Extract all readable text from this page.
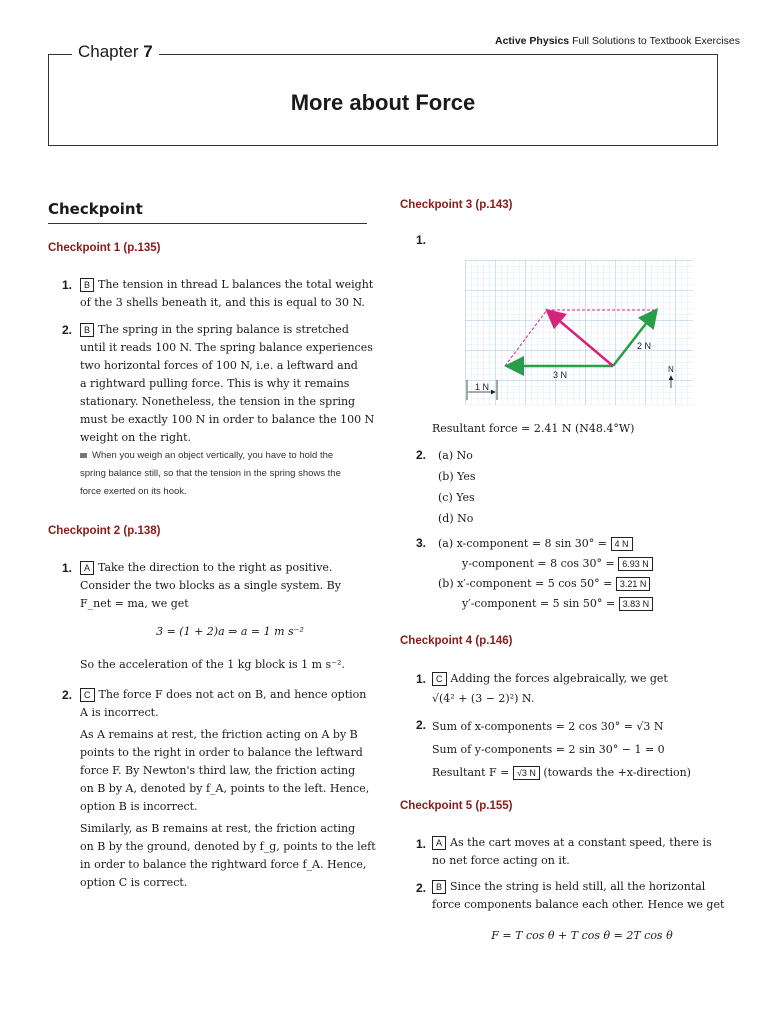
Active Physics Full Solutions to Textbook Exercises
Chapter 7
More about Force
Checkpoint
Checkpoint 1 (p.135)
1.	B The tension in thread L balances the total weight
of the 3 shells beneath it, and this is equal to 30 N.
2.	B The spring in the spring balance is stretched
until it reads 100 N. The spring balance experiences
two horizontal forces of 100 N, i.e. a leftward and
a rightward pulling force. This is why it remains
stationary. Nonetheless, the tension in the spring
must be exactly 100 N in order to balance the 100 N
weight on the right.
When you weigh an object vertically, you have to hold the
spring balance still, so that the tension in the spring shows the
force exerted on its hook.
Checkpoint 2 (p.138)
1.	A Take the direction to the right as positive.
Consider the two blocks as a single system. By
F_net = ma, we get
3 = (1 + 2)a ⇒ a = 1 m s⁻²
So the acceleration of the 1 kg block is 1 m s⁻².
2.	C The force F does not act on B, and hence option
A is incorrect.
As A remains at rest, the friction acting on A by B
points to the right in order to balance the leftward
force F. By Newton's third law, the friction acting
on B by A, denoted by f_A, points to the left. Hence,
option B is incorrect.
Similarly, as B remains at rest, the friction acting
on B by the ground, denoted by f_g, points to the left
in order to balance the rightward force f_A. Hence,
option C is correct.
Checkpoint 3 (p.143)
1.
2 N
3 N
1 N
N
Resultant force = 2.41 N (N48.4°W)
2. (a) No
(b) Yes
(c) Yes
(d) No
3. (a) x-component = 8 sin 30° = 4 N
y-component = 8 cos 30° = 6.93 N
(b) x′-component = 5 cos 50° = 3.21 N
y′-component = 5 sin 50° = 3.83 N
Checkpoint 4 (p.146)
1.	C Adding the forces algebraically, we get
√(4² + (3 − 2)²) N.
2. Sum of x-components = 2 cos 30° = √3 N
Sum of y-components = 2 sin 30° − 1 = 0
Resultant F = √3 N (towards the +x-direction)
Checkpoint 5 (p.155)
1.	A As the cart moves at a constant speed, there is
no net force acting on it.
2.	B Since the string is held still, all the horizontal
force components balance each other. Hence we get
F = T cos θ + T cos θ = 2T cos θ
